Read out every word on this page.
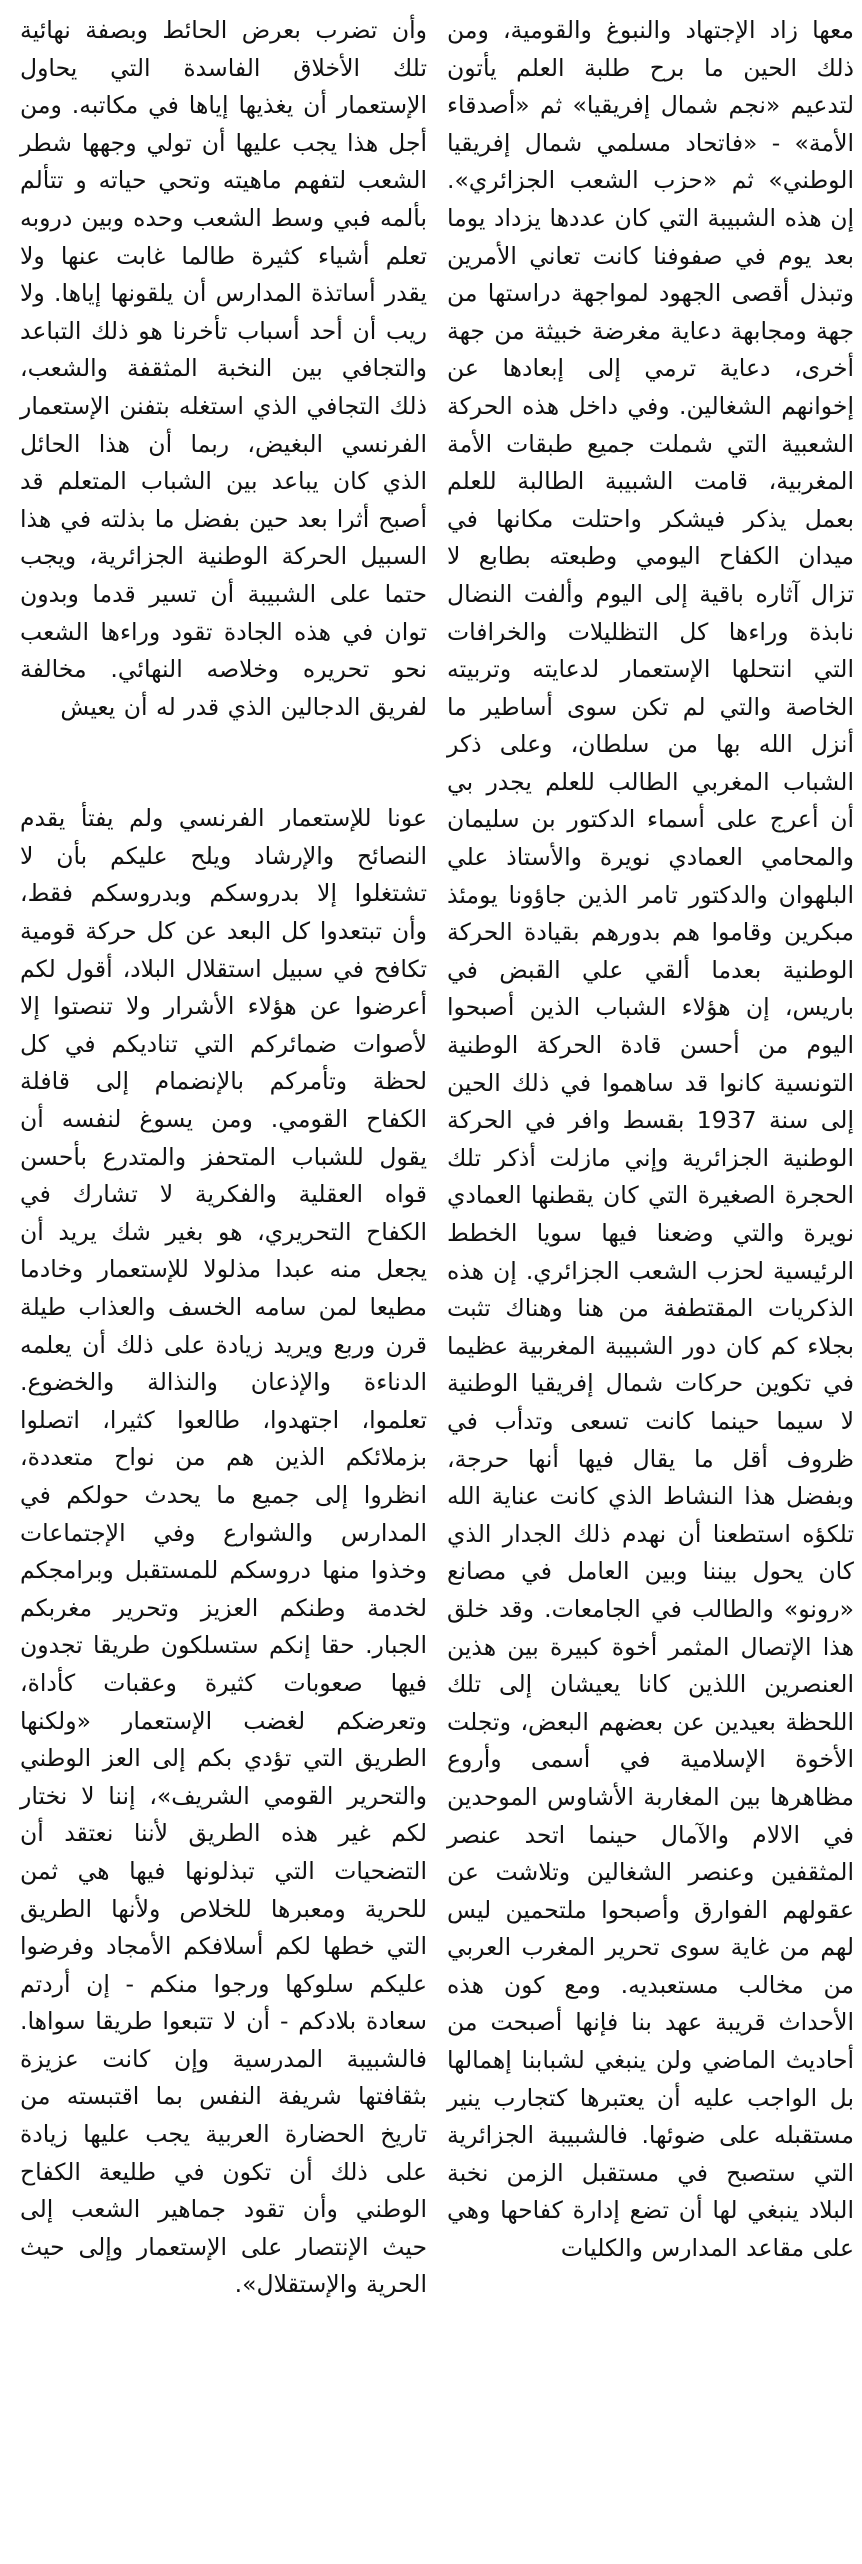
معها زاد الإجتهاد والنبوغ والقومية، ومن ذلك الحين ما برح طلبة العلم يأتون لتدعيم «نجم شمال إفريقيا» ثم «أصدقاء الأمة» - «فاتحاد مسلمي شمال إفريقيا الوطني» ثم «حزب الشعب الجزائري». إن هذه الشبيبة التي كان عددها يزداد يوما بعد يوم في صفوفنا كانت تعاني الأمرين وتبذل أقصى الجهود لمواجهة دراستها من جهة ومجابهة دعاية مغرضة خبيثة من جهة أخرى، دعاية ترمي إلى إبعادها عن إخوانهم الشغالين. وفي داخل هذه الحركة الشعبية التي شملت جميع طبقات الأمة المغربية، قامت الشبيبة الطالبة للعلم بعمل يذكر فيشكر واحتلت مكانها في ميدان الكفاح اليومي وطبعته بطابع لا تزال آثاره باقية إلى اليوم وألفت النضال نابذة وراءها كل التظليلات والخرافات التي انتحلها الإستعمار لدعايته وتربيته الخاصة والتي لم تكن سوى أساطير ما أنزل الله بها من سلطان، وعلى ذكر الشباب المغربي الطالب للعلم يجدر بي أن أعرج على أسماء الدكتور بن سليمان والمحامي العمادي نويرة والأستاذ علي البلهوان والدكتور تامر الذين جاؤونا يومئذ مبكرين وقاموا هم بدورهم بقيادة الحركة الوطنية بعدما ألقي علي القبض في باريس، إن هؤلاء الشباب الذين أصبحوا اليوم من أحسن قادة الحركة الوطنية التونسية كانوا قد ساهموا في ذلك الحين إلى سنة 1937 بقسط وافر في الحركة الوطنية الجزائرية وإني مازلت أذكر تلك الحجرة الصغيرة التي كان يقطنها العمادي نويرة والتي وضعنا فيها سويا الخطط الرئيسية لحزب الشعب الجزائري. إن هذه الذكريات المقتطفة من هنا وهناك تثبت بجلاء كم كان دور الشبيبة المغربية عظيما في تكوين حركات شمال إفريقيا الوطنية لا سيما حينما كانت تسعى وتدأب في ظروف أقل ما يقال فيها أنها حرجة، وبفضل هذا النشاط الذي كانت عناية الله تلكؤه استطعنا أن نهدم ذلك الجدار الذي كان يحول بيننا وبين العامل في مصانع «رونو» والطالب في الجامعات. وقد خلق هذا الإتصال المثمر أخوة كبيرة بين هذين العنصرين اللذين كانا يعيشان إلى تلك اللحظة بعيدين عن بعضهم البعض، وتجلت الأخوة الإسلامية في أسمى وأروع مظاهرها بين المغاربة الأشاوس الموحدين في الالام والآمال حينما اتحد عنصر المثقفين وعنصر الشغالين وتلاشت عن عقولهم الفوارق وأصبحوا ملتحمين ليس لهم من غاية سوى تحرير المغرب العربي من مخالب مستعبديه. ومع كون هذه الأحداث قريبة عهد بنا فإنها أصبحت من أحاديث الماضي ولن ينبغي لشبابنا إهمالها بل الواجب عليه أن يعتبرها كتجارب ينير مستقبله على ضوئها. فالشبيبة الجزائرية التي ستصبح في مستقبل الزمن نخبة البلاد ينبغي لها أن تضع إدارة كفاحها وهي على مقاعد المدارس والكليات

وأن تضرب بعرض الحائط وبصفة نهائية تلك الأخلاق الفاسدة التي يحاول الإستعمار أن يغذيها إياها في مكاتبه. ومن أجل هذا يجب عليها أن تولي وجهها شطر الشعب لتفهم ماهيته وتحي حياته و تتألم بألمه فبي وسط الشعب وحده وبين دروبه تعلم أشياء كثيرة طالما غابت عنها ولا يقدر أساتذة المدارس أن يلقونها إياها. ولا ريب أن أحد أسباب تأخرنا هو ذلك التباعد والتجافي بين النخبة المثقفة والشعب، ذلك التجافي الذي استغله بتفنن الإستعمار الفرنسي البغيض، ربما أن هذا الحائل الذي كان يباعد بين الشباب المتعلم قد أصبح أثرا بعد حين بفضل ما بذلته في هذا السبيل الحركة الوطنية الجزائرية، ويجب حتما على الشبيبة أن تسير قدما وبدون توان في هذه الجادة تقود وراءها الشعب نحو تحريره وخلاصه النهائي. مخالفة لفريق الدجالين الذي قدر له أن يعيش

عونا للإستعمار الفرنسي ولم يفتأ يقدم النصائح والإرشاد ويلح عليكم بأن لا تشتغلوا إلا بدروسكم وبدروسكم فقط، وأن تبتعدوا كل البعد عن كل حركة قومية تكافح في سبيل استقلال البلاد، أقول لكم أعرضوا عن هؤلاء الأشرار ولا تنصتوا إلا لأصوات ضمائركم التي تناديكم في كل لحظة وتأمركم بالإنضمام إلى قافلة الكفاح القومي. ومن يسوغ لنفسه أن يقول للشباب المتحفز والمتدرع بأحسن قواه العقلية والفكرية لا تشارك في الكفاح التحريري، هو بغير شك يريد أن يجعل منه عبدا مذلولا للإستعمار وخادما مطيعا لمن سامه الخسف والعذاب طيلة قرن وربع ويريد زيادة على ذلك أن يعلمه الدناءة والإذعان والنذالة والخضوع. تعلموا، اجتهدوا، طالعوا كثيرا، اتصلوا بزملائكم الذين هم من نواح متعددة، انظروا إلى جميع ما يحدث حولكم في المدارس والشوارع وفي الإجتماعات وخذوا منها دروسكم للمستقبل وبرامجكم لخدمة وطنكم العزيز وتحرير مغربكم الجبار. حقا إنكم ستسلكون طريقا تجدون فيها صعوبات كثيرة وعقبات كأداة، وتعرضكم لغضب الإستعمار «ولكنها الطريق التي تؤدي بكم إلى العز الوطني والتحرير القومي الشريف»، إننا لا نختار لكم غير هذه الطريق لأننا نعتقد أن التضحيات التي تبذلونها فيها هي ثمن للحرية ومعبرها للخلاص ولأنها الطريق التي خطها لكم أسلافكم الأمجاد وفرضوا عليكم سلوكها ورجوا منكم - إن أردتم سعادة بلادكم - أن لا تتبعوا طريقا سواها. فالشبيبة المدرسية وإن كانت عزيزة بثقافتها شريفة النفس بما اقتبسته من تاريخ الحضارة العربية يجب عليها زيادة على ذلك أن تكون في طليعة الكفاح الوطني وأن تقود جماهير الشعب إلى حيث الإنتصار على الإستعمار وإلى حيث الحرية والإستقلال».
